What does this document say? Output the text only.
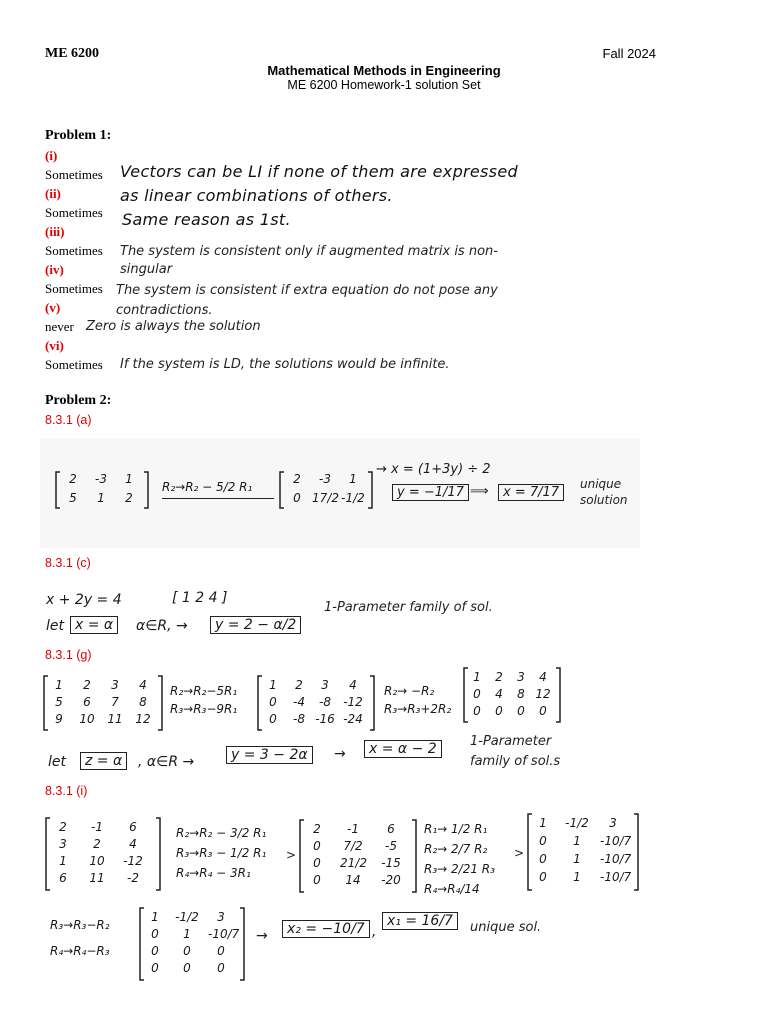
ME 6200	Fall 2024
Mathematical Methods in Engineering
ME 6200 Homework-1 solution Set
Problem 1:
(i)
Sometimes Vectors can be LI if none of them are expressed as linear combinations of others.
(ii)
Sometimes Same reason as 1st.
(iii)
Sometimes The system is consistent only if augmented matrix is non-singular
(iv)
Sometimes The system is consistent if extra equation do not pose any contradictions.
(v)
never Zero is always the solution
(vi)
Sometimes If the system is LD, the solutions would be infinite.
Problem 2:
8.3.1 (a)
2	-3	1
5	1	2
R₂→R₂ − 5/2 R₁
2	-3	1
0 17/2 -1/2
→ x = (1+3y) ÷ 2
y = −1/17 ⟹	x = 7/17
unique solution
8.3.1 (c)
x + 2y = 4	[ 1 2 4 ]
let x = α	α∈R, →	y = 2 − α/2
1-Parameter family of sol.
8.3.1 (g)
1	2	3	4
5	6	7	8
9	10	11	12
R₂→R₂−5R₁
R₃→R₃−9R₁
1	2	3	4
0	-4	-8	-12
0	-8 -16 -24
R₂→ −R₂
R₃→R₃+2R₂
1	2	3	4
0	4	8 12
0	0	0	0
let	z = α	, α∈R →	y = 3 − 2α	→	x = α − 2	1-Parameter
family of sol.s
8.3.1 (i)
2	-1	6
3	2	4
1	10	-12
6	11	-2
R₂→R₂ − 3/2 R₁
R₃→R₃ − 1/2 R₁
R₄→R₄ − 3R₁
>
2	-1	6
0	7/2	-5
0	21/2 -15
0	14	-20
R₁→ 1/2 R₁
R₂→ 2/7 R₂
R₃→ 2/21 R₃
R₄→R₄/14
>
1	-1/2	3
0	1	-10/7
0	1	-10/7
0	1	-10/7
R₃→R₃−R₂
R₄→R₄−R₃
1	-1/2	3
0	1	-10/7
0	0	0
0	0	0
→	x₂ = −10/7 ,
x₁ = 16/7	unique sol.
